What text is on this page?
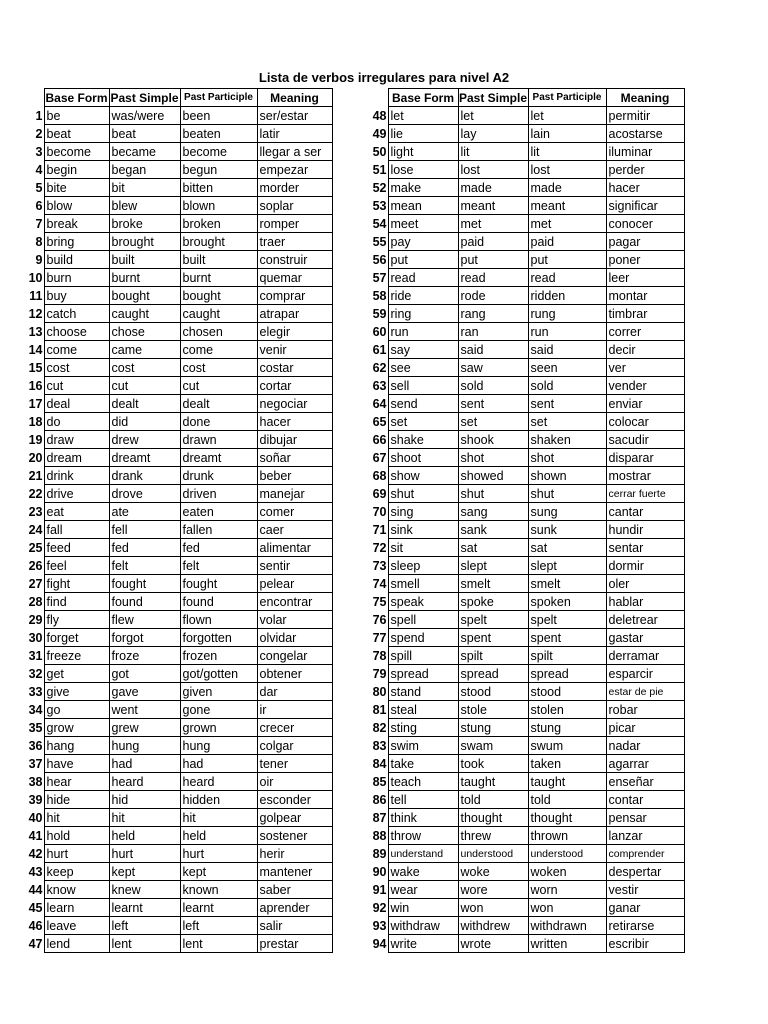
Lista de verbos irregulares para nivel A2
	Base Form	Past Simple	Past Participle	Meaning
1	be	was/were	been	ser/estar
2	beat	beat	beaten	latir
3	become	became	become	llegar a ser
4	begin	began	begun	empezar
5	bite	bit	bitten	morder
6	blow	blew	blown	soplar
7	break	broke	broken	romper
8	bring	brought	brought	traer
9	build	built	built	construir
10	burn	burnt	burnt	quemar
11	buy	bought	bought	comprar
12	catch	caught	caught	atrapar
13	choose	chose	chosen	elegir
14	come	came	come	venir
15	cost	cost	cost	costar
16	cut	cut	cut	cortar
17	deal	dealt	dealt	negociar
18	do	did	done	hacer
19	draw	drew	drawn	dibujar
20	dream	dreamt	dreamt	soñar
21	drink	drank	drunk	beber
22	drive	drove	driven	manejar
23	eat	ate	eaten	comer
24	fall	fell	fallen	caer
25	feed	fed	fed	alimentar
26	feel	felt	felt	sentir
27	fight	fought	fought	pelear
28	find	found	found	encontrar
29	fly	flew	flown	volar
30	forget	forgot	forgotten	olvidar
31	freeze	froze	frozen	congelar
32	get	got	got/gotten	obtener
33	give	gave	given	dar
34	go	went	gone	ir
35	grow	grew	grown	crecer
36	hang	hung	hung	colgar
37	have	had	had	tener
38	hear	heard	heard	oir
39	hide	hid	hidden	esconder
40	hit	hit	hit	golpear
41	hold	held	held	sostener
42	hurt	hurt	hurt	herir
43	keep	kept	kept	mantener
44	know	knew	known	saber
45	learn	learnt	learnt	aprender
46	leave	left	left	salir
47	lend	lent	lent	prestar
	Base Form	Past Simple	Past Participle	Meaning
48	let	let	let	permitir
49	lie	lay	lain	acostarse
50	light	lit	lit	iluminar
51	lose	lost	lost	perder
52	make	made	made	hacer
53	mean	meant	meant	significar
54	meet	met	met	conocer
55	pay	paid	paid	pagar
56	put	put	put	poner
57	read	read	read	leer
58	ride	rode	ridden	montar
59	ring	rang	rung	timbrar
60	run	ran	run	correr
61	say	said	said	decir
62	see	saw	seen	ver
63	sell	sold	sold	vender
64	send	sent	sent	enviar
65	set	set	set	colocar
66	shake	shook	shaken	sacudir
67	shoot	shot	shot	disparar
68	show	showed	shown	mostrar
69	shut	shut	shut	cerrar fuerte
70	sing	sang	sung	cantar
71	sink	sank	sunk	hundir
72	sit	sat	sat	sentar
73	sleep	slept	slept	dormir
74	smell	smelt	smelt	oler
75	speak	spoke	spoken	hablar
76	spell	spelt	spelt	deletrear
77	spend	spent	spent	gastar
78	spill	spilt	spilt	derramar
79	spread	spread	spread	esparcir
80	stand	stood	stood	estar de pie
81	steal	stole	stolen	robar
82	sting	stung	stung	picar
83	swim	swam	swum	nadar
84	take	took	taken	agarrar
85	teach	taught	taught	enseñar
86	tell	told	told	contar
87	think	thought	thought	pensar
88	throw	threw	thrown	lanzar
89	understand	understood	understood	comprender
90	wake	woke	woken	despertar
91	wear	wore	worn	vestir
92	win	won	won	ganar
93	withdraw	withdrew	withdrawn	retirarse
94	write	wrote	written	escribir
